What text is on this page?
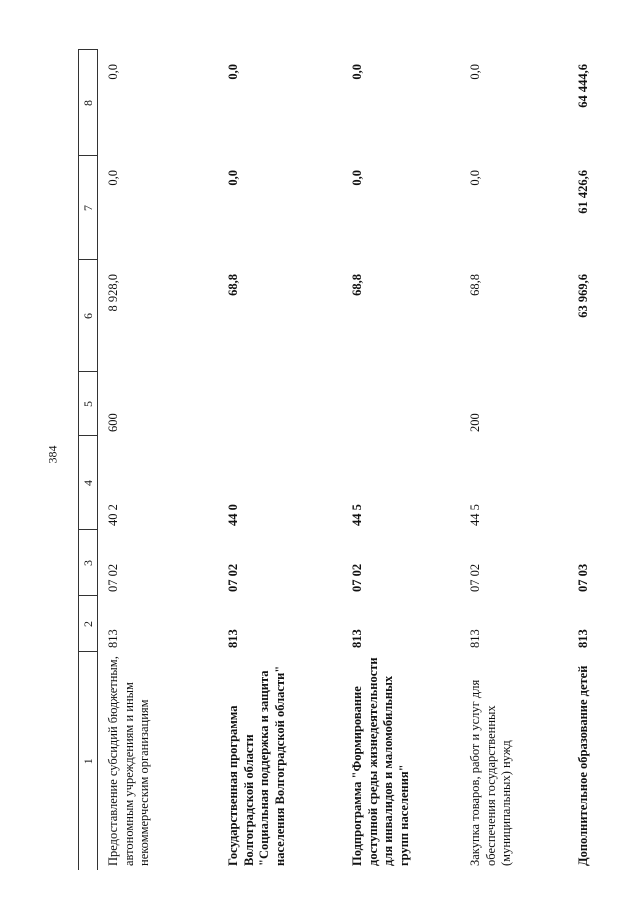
384
1	2	3	4	5	6	7	8

Предоставление субсидий бюджетным, автономным учреждениям и иным некоммерческим организациям	813	07 02	40 2	600	8 928,0	0,0	0,0

Государственная программа Волгоградской области "Социальная поддержка и защита населения Волгоградской области"	813	07 02	44 0		68,8	0,0	0,0

Подпрограмма "Формирование доступной среды жизнедеятельности для инвалидов и маломобильных групп населения"	813	07 02	44 5		68,8	0,0	0,0

Закупка товаров, работ и услуг для обеспечения государственных (муниципальных) нужд	813	07 02	44 5	200	68,8	0,0	0,0

Дополнительное образование детей	813	07 03			63 969,6	61 426,6	64 444,6
